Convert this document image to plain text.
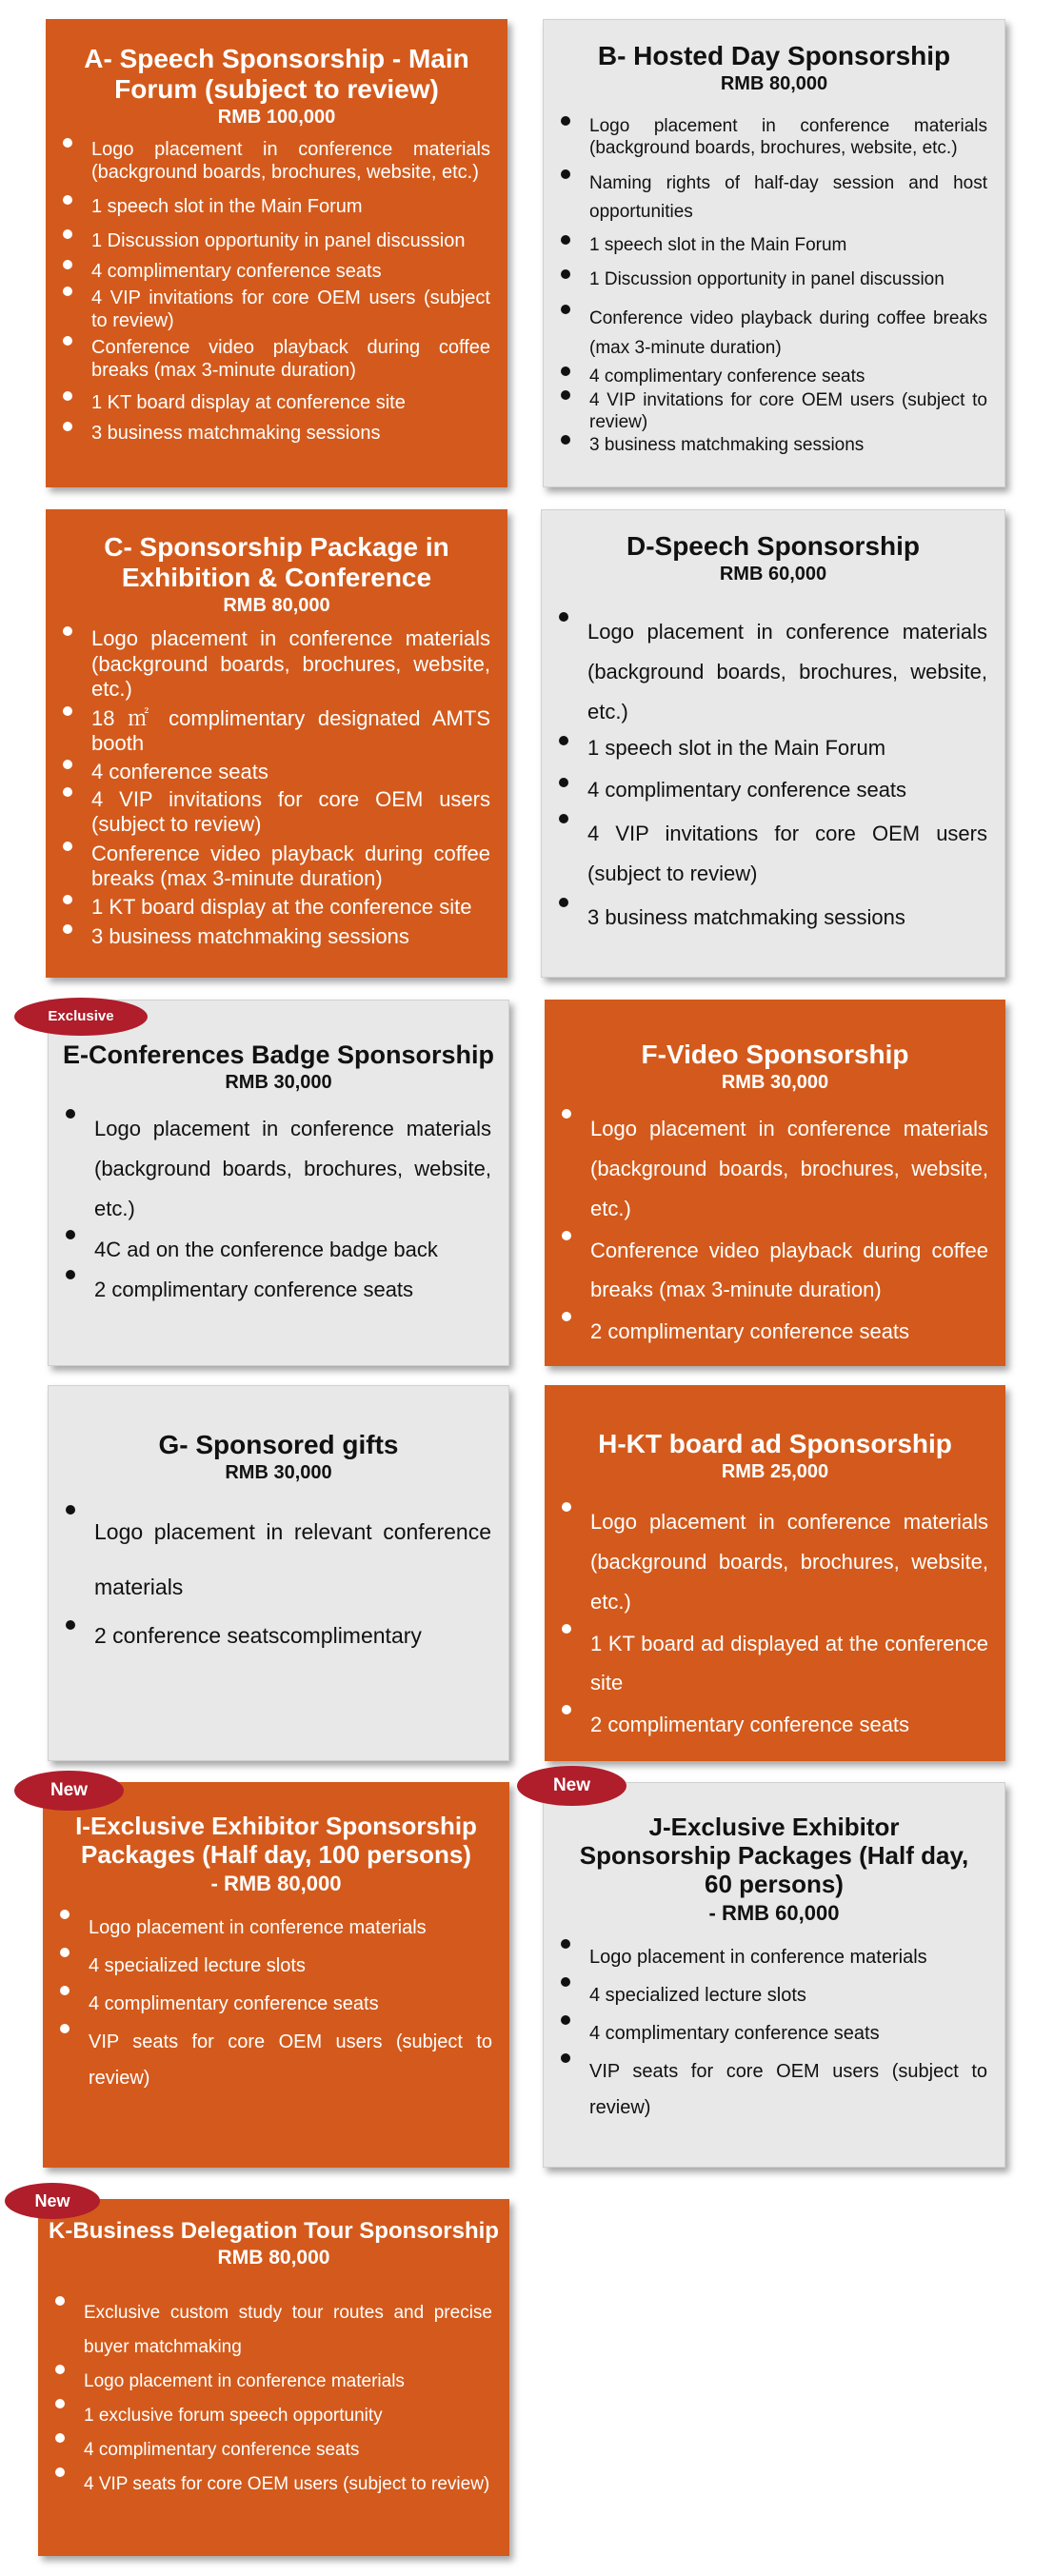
A- Speech Sponsorship - Main Forum (subject to review)
RMB 100,000
Logo placement in conference materials (background boards, brochures, website, etc.)
1 speech slot in the Main Forum
1 Discussion opportunity in panel discussion
4 complimentary conference seats
4 VIP invitations for core OEM users (subject to review)
Conference video playback during coffee breaks (max 3-minute duration)
1 KT board display at conference site
3 business matchmaking sessions
B- Hosted Day Sponsorship
RMB 80,000
Logo placement in conference materials (background boards, brochures, website, etc.)
Naming rights of half-day session and host opportunities
1 speech slot in the Main Forum
1 Discussion opportunity in panel discussion
Conference video playback during coffee breaks (max 3-minute duration)
4 complimentary conference seats
4 VIP invitations for core OEM users (subject to review)
3 business matchmaking sessions
C- Sponsorship Package in Exhibition & Conference
RMB 80,000
Logo placement in conference materials (background boards, brochures, website, etc.)
18 ㎡ complimentary designated AMTS booth
4 conference seats
4 VIP invitations for core OEM users (subject to review)
Conference video playback during coffee breaks (max 3-minute duration)
1 KT board display at the conference site
3 business matchmaking sessions
D-Speech Sponsorship
RMB 60,000
Logo placement in conference materials (background boards, brochures, website, etc.)
1 speech slot in the Main Forum
4 complimentary conference seats
4 VIP invitations for core OEM users (subject to review)
3 business matchmaking sessions
Exclusive
E-Conferences Badge Sponsorship
RMB 30,000
Logo placement in conference materials (background boards, brochures, website, etc.)
4C ad on the conference badge back
2 complimentary conference seats
F-Video Sponsorship
RMB 30,000
Logo placement in conference materials (background boards, brochures, website, etc.)
Conference video playback during coffee breaks (max 3-minute duration)
2 complimentary conference seats
G- Sponsored gifts
RMB 30,000
Logo placement in relevant conference materials
2 conference seatscomplimentary
H-KT board ad Sponsorship
RMB 25,000
Logo placement in conference materials (background boards, brochures, website, etc.)
1 KT board ad displayed at the conference site
2 complimentary conference seats
New
I-Exclusive Exhibitor Sponsorship Packages (Half day, 100 persons)
- RMB 80,000
Logo placement in conference materials
4 specialized lecture slots
4 complimentary conference seats
VIP seats for core OEM users (subject to review)
New
J-Exclusive Exhibitor Sponsorship Packages (Half day, 60 persons)
- RMB 60,000
Logo placement in conference materials
4 specialized lecture slots
4 complimentary conference seats
VIP seats for core OEM users (subject to review)
New
K-Business Delegation Tour Sponsorship
RMB 80,000
Exclusive custom study tour routes and precise buyer matchmaking
Logo placement in conference materials
1 exclusive forum speech opportunity
4 complimentary conference seats
4 VIP seats for core OEM users (subject to review)
